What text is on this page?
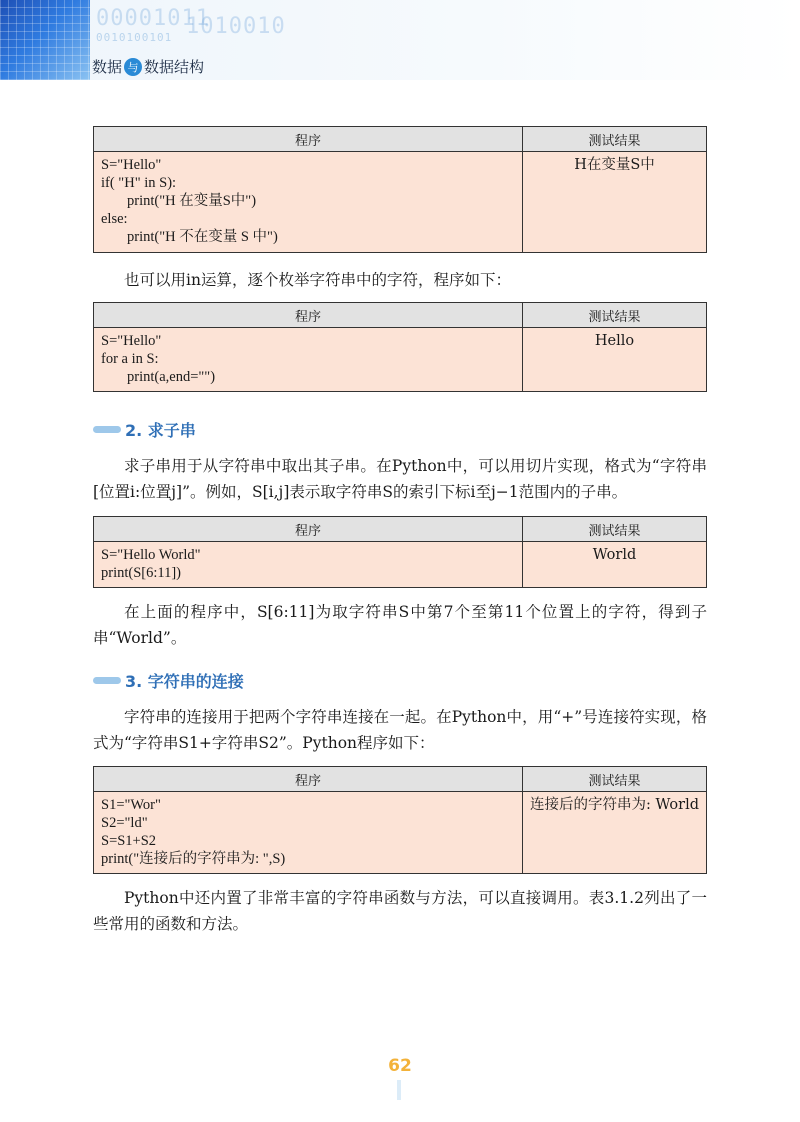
00001011
0010100101 1010010
数据 与 数据结构
程序	测试结果

S="Hello"
if( "H" in S):
print("H 在变量S中")
else:
print("H 不在变量 S 中")	H在变量S中

也可以用in运算，逐个枚举字符串中的字符，程序如下：

程序	测试结果

S="Hello"
for a in S:
print(a,end="")	Hello
2. 求子串

求子串用于从字符串中取出其子串。在Python中，可以用切片实现，格式为“字符串[位置i:位置j]”。例如，S[i,j]表示取字符串S的索引下标i至j−1范围内的子串。

程序	测试结果

S="Hello World"
print(S[6:11])	World

在上面的程序中，S[6:11]为取字符串S中第7个至第11个位置上的字符，得到子串“World”。

3. 字符串的连接

字符串的连接用于把两个字符串连接在一起。在Python中，用“+”号连接符实现，格式为“字符串S1+字符串S2”。Python程序如下：

程序	测试结果

S1="Wor"
S2="ld"
S=S1+S2
print("连接后的字符串为: ",S)	连接后的字符串为: World

Python中还内置了非常丰富的字符串函数与方法，可以直接调用。表3.1.2列出了一些常用的函数和方法。

62
